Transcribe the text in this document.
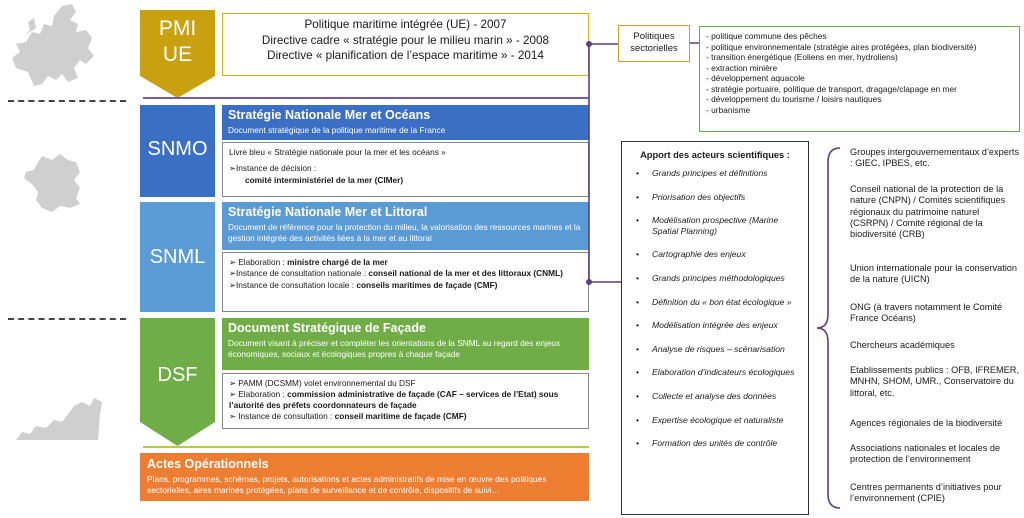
PMI
UE
SNMO
SNML
DSF
Politique maritime intégrée (UE) - 2007
Directive cadre « stratégie pour le milieu marin » - 2008
Directive « planification de l’espace maritime » - 2014
Stratégie Nationale Mer et Océans
Document stratégique de la politique maritime de la France
Livre bleu « Stratégie nationale pour la mer et les océans »
➢Instance de décision :
comité interministériel de la mer (CIMer)
Stratégie Nationale Mer et Littoral
Document de référence pour la protection du milieu, la valorisation des ressources marines et la gestion intégrée des activités liées à la mer et au littoral
➢ Elaboration : ministre chargé de la mer
➢Instance de consultation nationale : conseil national de la mer et des littoraux (CNML)
➢Instance de consultation locale : conseils maritimes de façade (CMF)
Document Stratégique de Façade
Document visant à préciser et compléter les orientations de la SNML au regard des enjeux économiques, sociaux et écologiques propres à chaque façade
➢ PAMM (DCSMM) volet environnemental du DSF
➢ Elaboration : commission administrative de façade (CAF – services de l’Etat) sous l’autorité des préfets coordonnateurs de façade
➢ Instance de consultation : conseil maritime de façade (CMF)
Actes Opérationnels
Plans, programmes, schémas, projets, autorisations et actes administratifs de mise en œuvre des politiques sectorielles, aires marines protégées, plans de surveillance et de contrôle, dispositifs de suivi…
Politiques
sectorielles
- politique commune des pêches
- politique environnementale (stratégie aires protégées, plan biodiversité)
- transition énergétique (Eoliens en mer, hydroliens)
- extraction minière
- développement aquacole
- stratégie portuaire, politique de transport, dragage/clapage en mer
- développement du tourisme / loisirs nautiques
- urbanisme
Apport des acteurs scientifiques :
• Grands principes et définitions
• Priorisation des objectifs
• Modélisation prospective (Marine Spatial Planning)
• Cartographie des enjeux
• Grands principes méthodologiques
• Définition du « bon état écologique »
• Modélisation intégrée des enjeux
• Analyse de risques – scénarisation
• Elaboration d’indicateurs écologiques
• Collecte et analyse des données
• Expertise écologique et naturaliste
• Formation des unités de contrôle
Groupes intergouvernementaux d’experts : GIEC, IPBES, etc.
Conseil national de la protection de la nature (CNPN) / Comités scientifiques régionaux du patrimoine naturel (CSRPN) / Comité régional de la biodiversité (CRB)
Union internationale pour la conservation de la nature (UICN)
ONG (à travers notamment le Comité France Océans)
Chercheurs académiques
Etablissements publics : OFB, IFREMER, MNHN, SHOM, UMR., Conservatoire du littoral, etc.
Agences régionales de la biodiversité
Associations nationales et locales de protection de l’environnement
Centres permanents d’initiatives pour l’environnement (CPIE)
